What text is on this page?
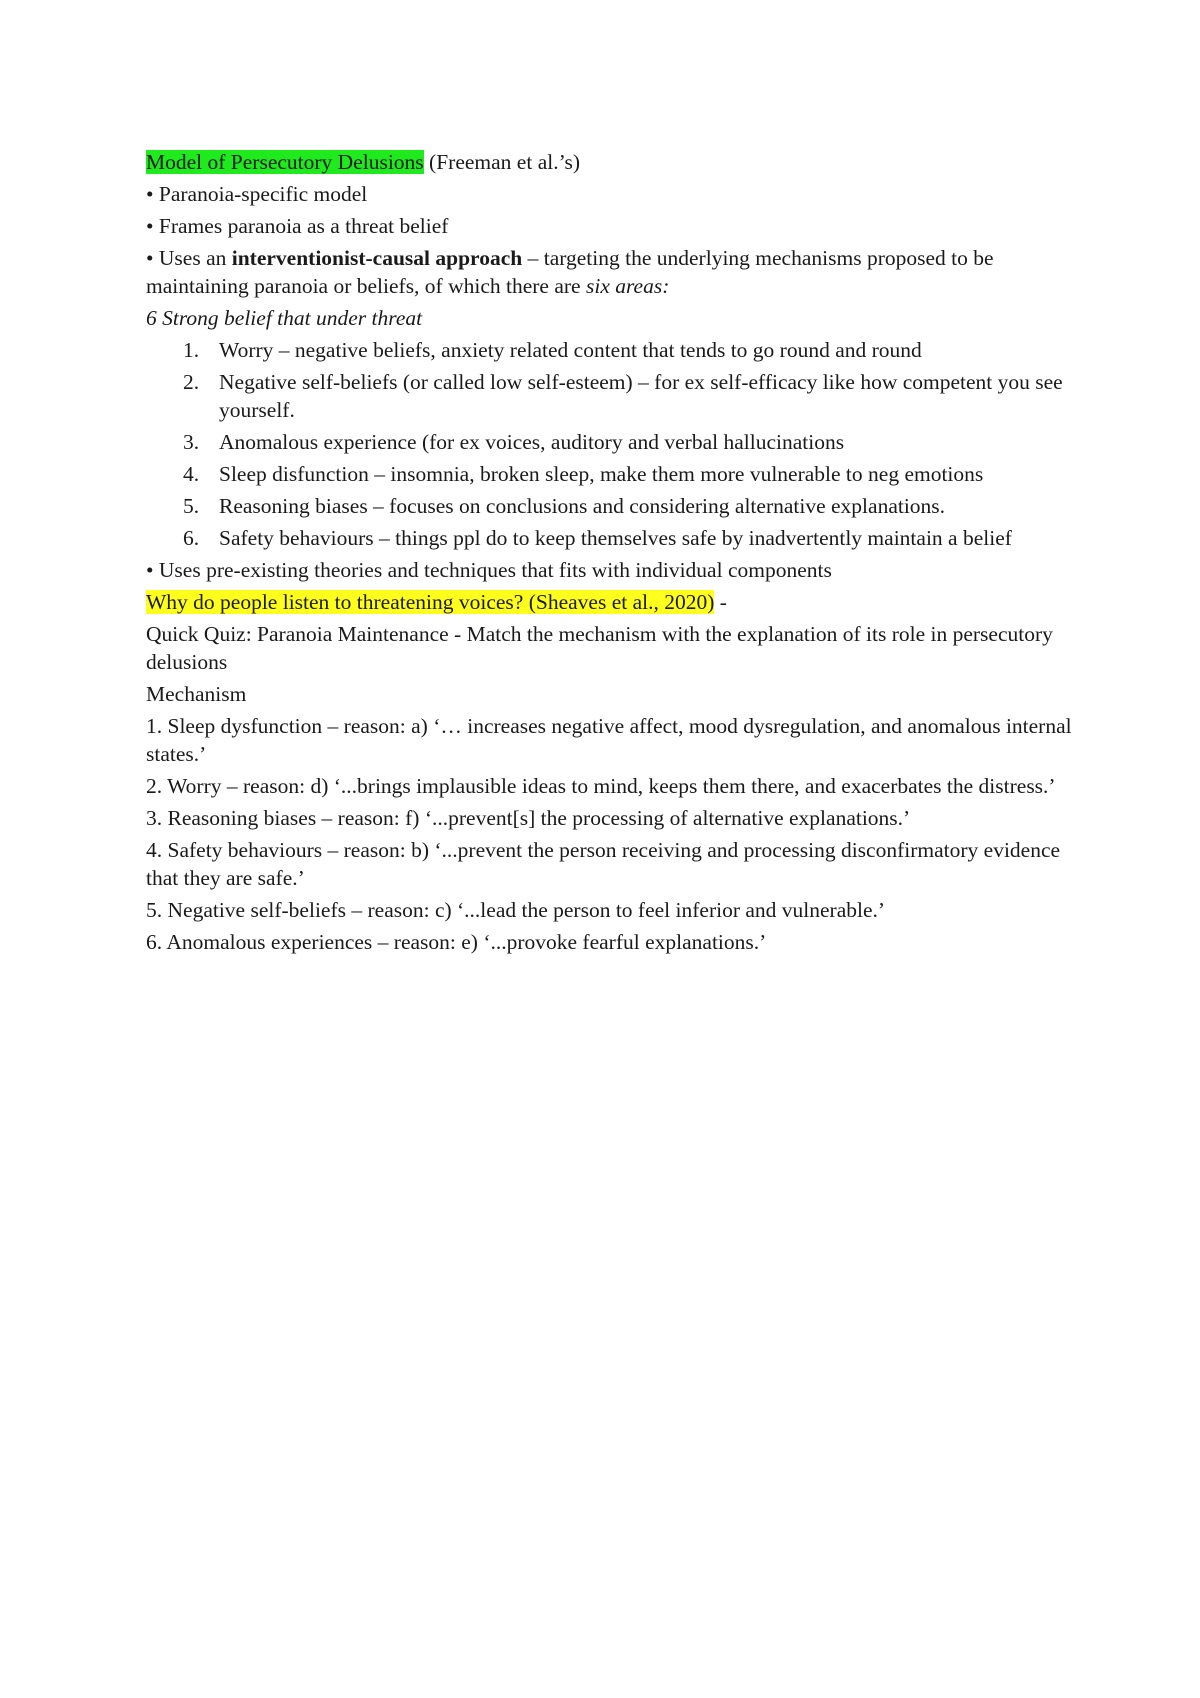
Model of Persecutory Delusions (Freeman et al.’s)
• Paranoia-specific model
• Frames paranoia as a threat belief
• Uses an interventionist-causal approach – targeting the underlying mechanisms proposed to be maintaining paranoia or beliefs, of which there are six areas:
6 Strong belief that under threat
1. Worry – negative beliefs, anxiety related content that tends to go round and round
2. Negative self-beliefs (or called low self-esteem) – for ex self-efficacy like how competent you see yourself.
3. Anomalous experience (for ex voices, auditory and verbal hallucinations
4. Sleep disfunction – insomnia, broken sleep, make them more vulnerable to neg emotions
5. Reasoning biases – focuses on conclusions and considering alternative explanations.
6. Safety behaviours – things ppl do to keep themselves safe by inadvertently maintain a belief
• Uses pre-existing theories and techniques that fits with individual components
Why do people listen to threatening voices? (Sheaves et al., 2020) -
Quick Quiz: Paranoia Maintenance - Match the mechanism with the explanation of its role in persecutory delusions
Mechanism
1. Sleep dysfunction – reason: a) ‘… increases negative affect, mood dysregulation, and anomalous internal states.’
2. Worry – reason: d) ‘...brings implausible ideas to mind, keeps them there, and exacerbates the distress.’
3. Reasoning biases – reason: f) ‘...prevent[s] the processing of alternative explanations.’
4. Safety behaviours – reason: b) ‘...prevent the person receiving and processing disconfirmatory evidence that they are safe.’
5. Negative self-beliefs – reason: c) ‘...lead the person to feel inferior and vulnerable.’
6. Anomalous experiences – reason: e) ‘...provoke fearful explanations.’
